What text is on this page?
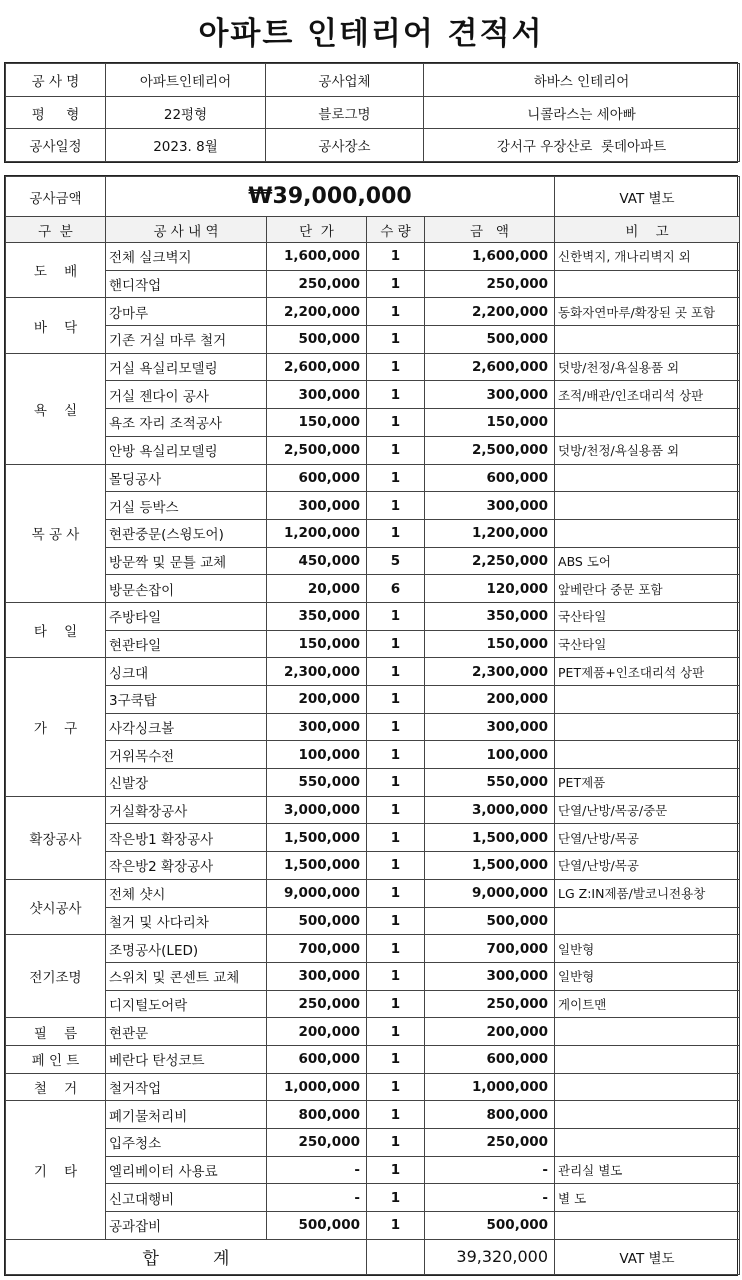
아파트 인테리어 견적서
공 사 명	아파트인테리어	공사업체	하바스 인테리어
평     형	22평형	블로그명	니콜라스는 세아빠
공사일정	2023. 8월	공사장소	강서구 우장산로  롯데아파트
공사금액	₩39,000,000				VAT 별도
구  분	공 사 내 역	단  가	수 량	금   액	비    고
도    배	전체 실크벽지	1,600,000	1	1,600,000	신한벽지, 개나리벽지 외
	핸디작업	250,000	1	250,000	
바    닥	강마루	2,200,000	1	2,200,000	동화자연마루/확장된 곳 포함
	기존 거실 마루 철거	500,000	1	500,000	
욕    실	거실 욕실리모델링	2,600,000	1	2,600,000	덧방/천정/욕실용품 외
	거실 젠다이 공사	300,000	1	300,000	조적/배관/인조대리석 상판
	욕조 자리 조적공사	150,000	1	150,000	
	안방 욕실리모델링	2,500,000	1	2,500,000	덧방/천정/욕실용품 외
목 공 사	몰딩공사	600,000	1	600,000	
	거실 등박스	300,000	1	300,000	
	현관중문(스윙도어)	1,200,000	1	1,200,000	
	방문짝 및 문틀 교체	450,000	5	2,250,000	ABS 도어
	방문손잡이	20,000	6	120,000	앞베란다 중문 포함
타    일	주방타일	350,000	1	350,000	국산타일
	현관타일	150,000	1	150,000	국산타일
가    구	싱크대	2,300,000	1	2,300,000	PET제품+인조대리석 상판
	3구쿡탑	200,000	1	200,000	
	사각싱크볼	300,000	1	300,000	
	거위목수전	100,000	1	100,000	
	신발장	550,000	1	550,000	PET제품
확장공사	거실확장공사	3,000,000	1	3,000,000	단열/난방/목공/중문
	작은방1 확장공사	1,500,000	1	1,500,000	단열/난방/목공
	작은방2 확장공사	1,500,000	1	1,500,000	단열/난방/목공
샷시공사	전체 샷시	9,000,000	1	9,000,000	LG Z:IN제품/발코니전용창
	철거 및 사다리차	500,000	1	500,000	
전기조명	조명공사(LED)	700,000	1	700,000	일반형
	스위치 및 콘센트 교체	300,000	1	300,000	일반형
	디지털도어락	250,000	1	250,000	게이트맨
필    름	현관문	200,000	1	200,000	
페 인 트	베란다 탄성코트	600,000	1	600,000	
철    거	철거작업	1,000,000	1	1,000,000	
기    타	폐기물처리비	800,000	1	800,000	
	입주청소	250,000	1	250,000	
	엘리베이터 사용료	-	1	-	관리실 별도
	신고대행비	-	1	-	별 도
	공과잡비	500,000	1	500,000	
합          계				39,320,000	VAT 별도
